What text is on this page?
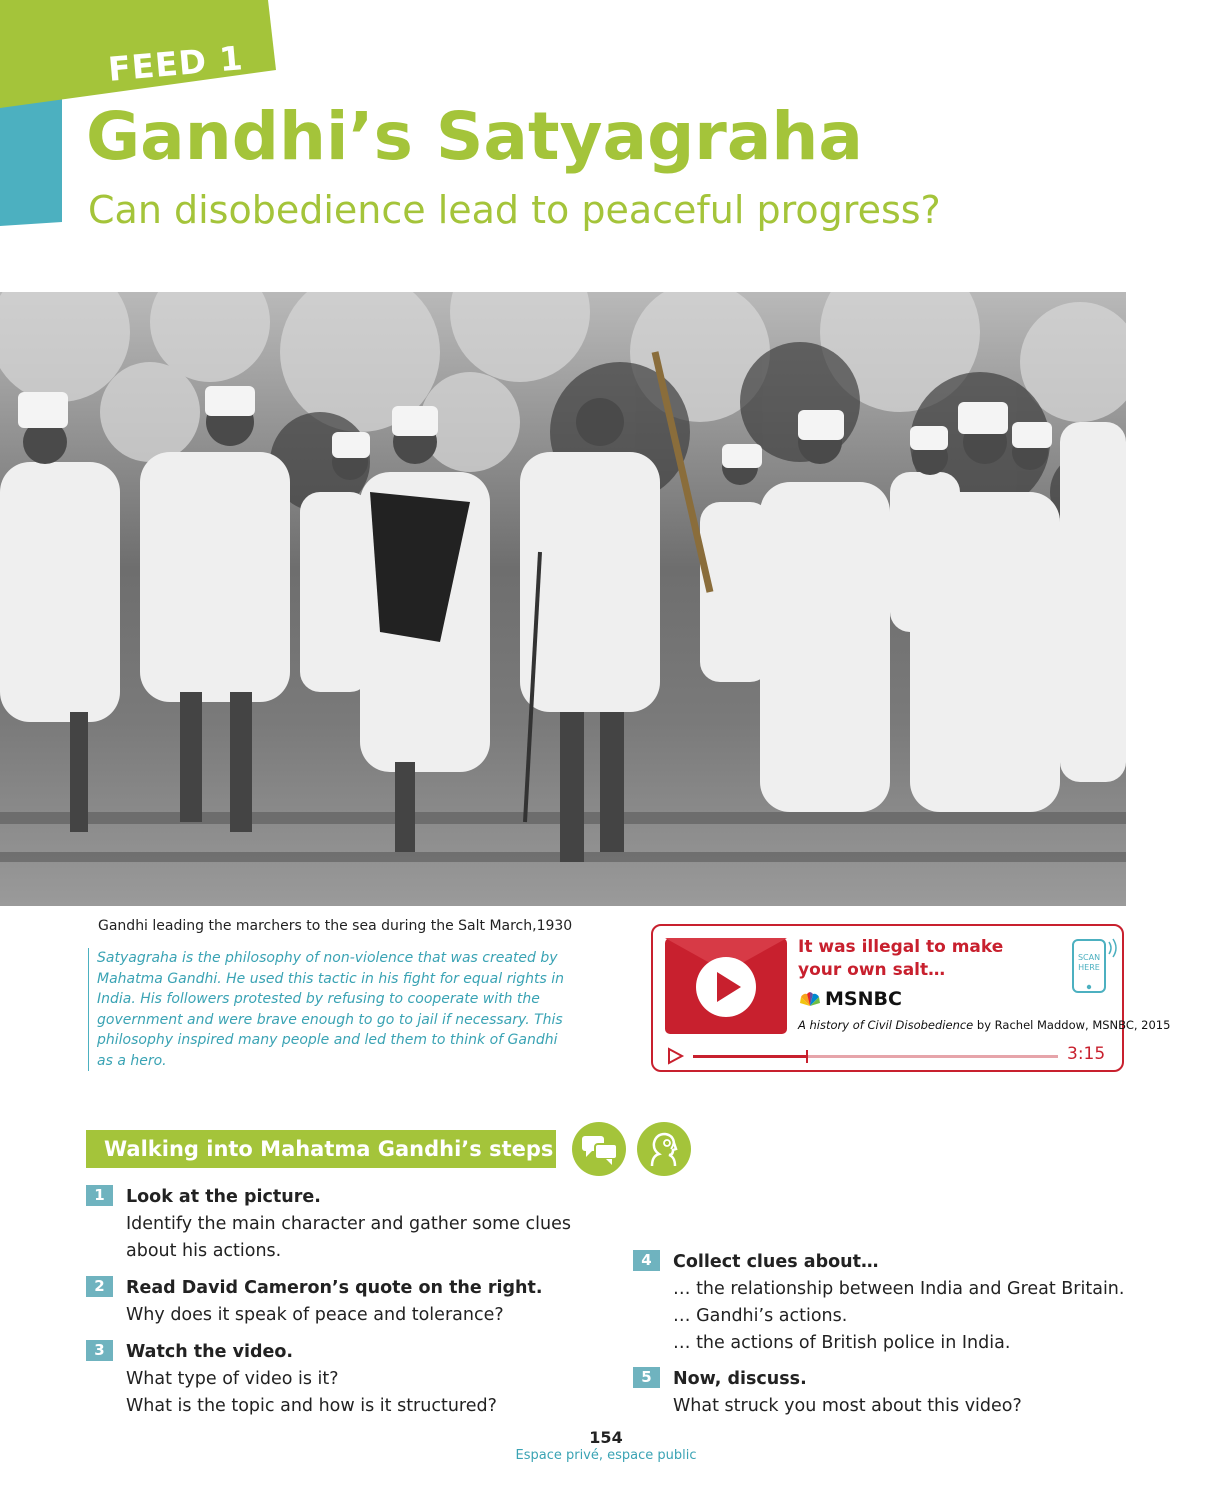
FEED 1
Gandhi’s Satyagraha
Can disobedience lead to peaceful progress?
Gandhi leading the marchers to the sea during the Salt March,1930

Satyagraha is the philosophy of non-violence that was created by Mahatma Gandhi. He used this tactic in his fight for equal rights in India. His followers protested by refusing to cooperate with the government and were brave enough to go to jail if necessary. This philosophy inspired many people and led them to think of Gandhi as a hero.

It was illegal to make
your own salt…
MSNBC
A history of Civil Disobedience by Rachel Maddow, MSNBC, 2015
SCAN
HERE
3:15
Walking into Mahatma Gandhi’s steps
1	Look at the picture.
Identify the main character and gather some clues
about his actions.
2	Read David Cameron’s quote on the right.
Why does it speak of peace and tolerance?
3	Watch the video.
What type of video is it?
What is the topic and how is it structured?
4	Collect clues about…
… the relationship between India and Great Britain.
… Gandhi’s actions.
… the actions of British police in India.
5	Now, discuss.
What struck you most about this video?
154
Espace privé, espace public
